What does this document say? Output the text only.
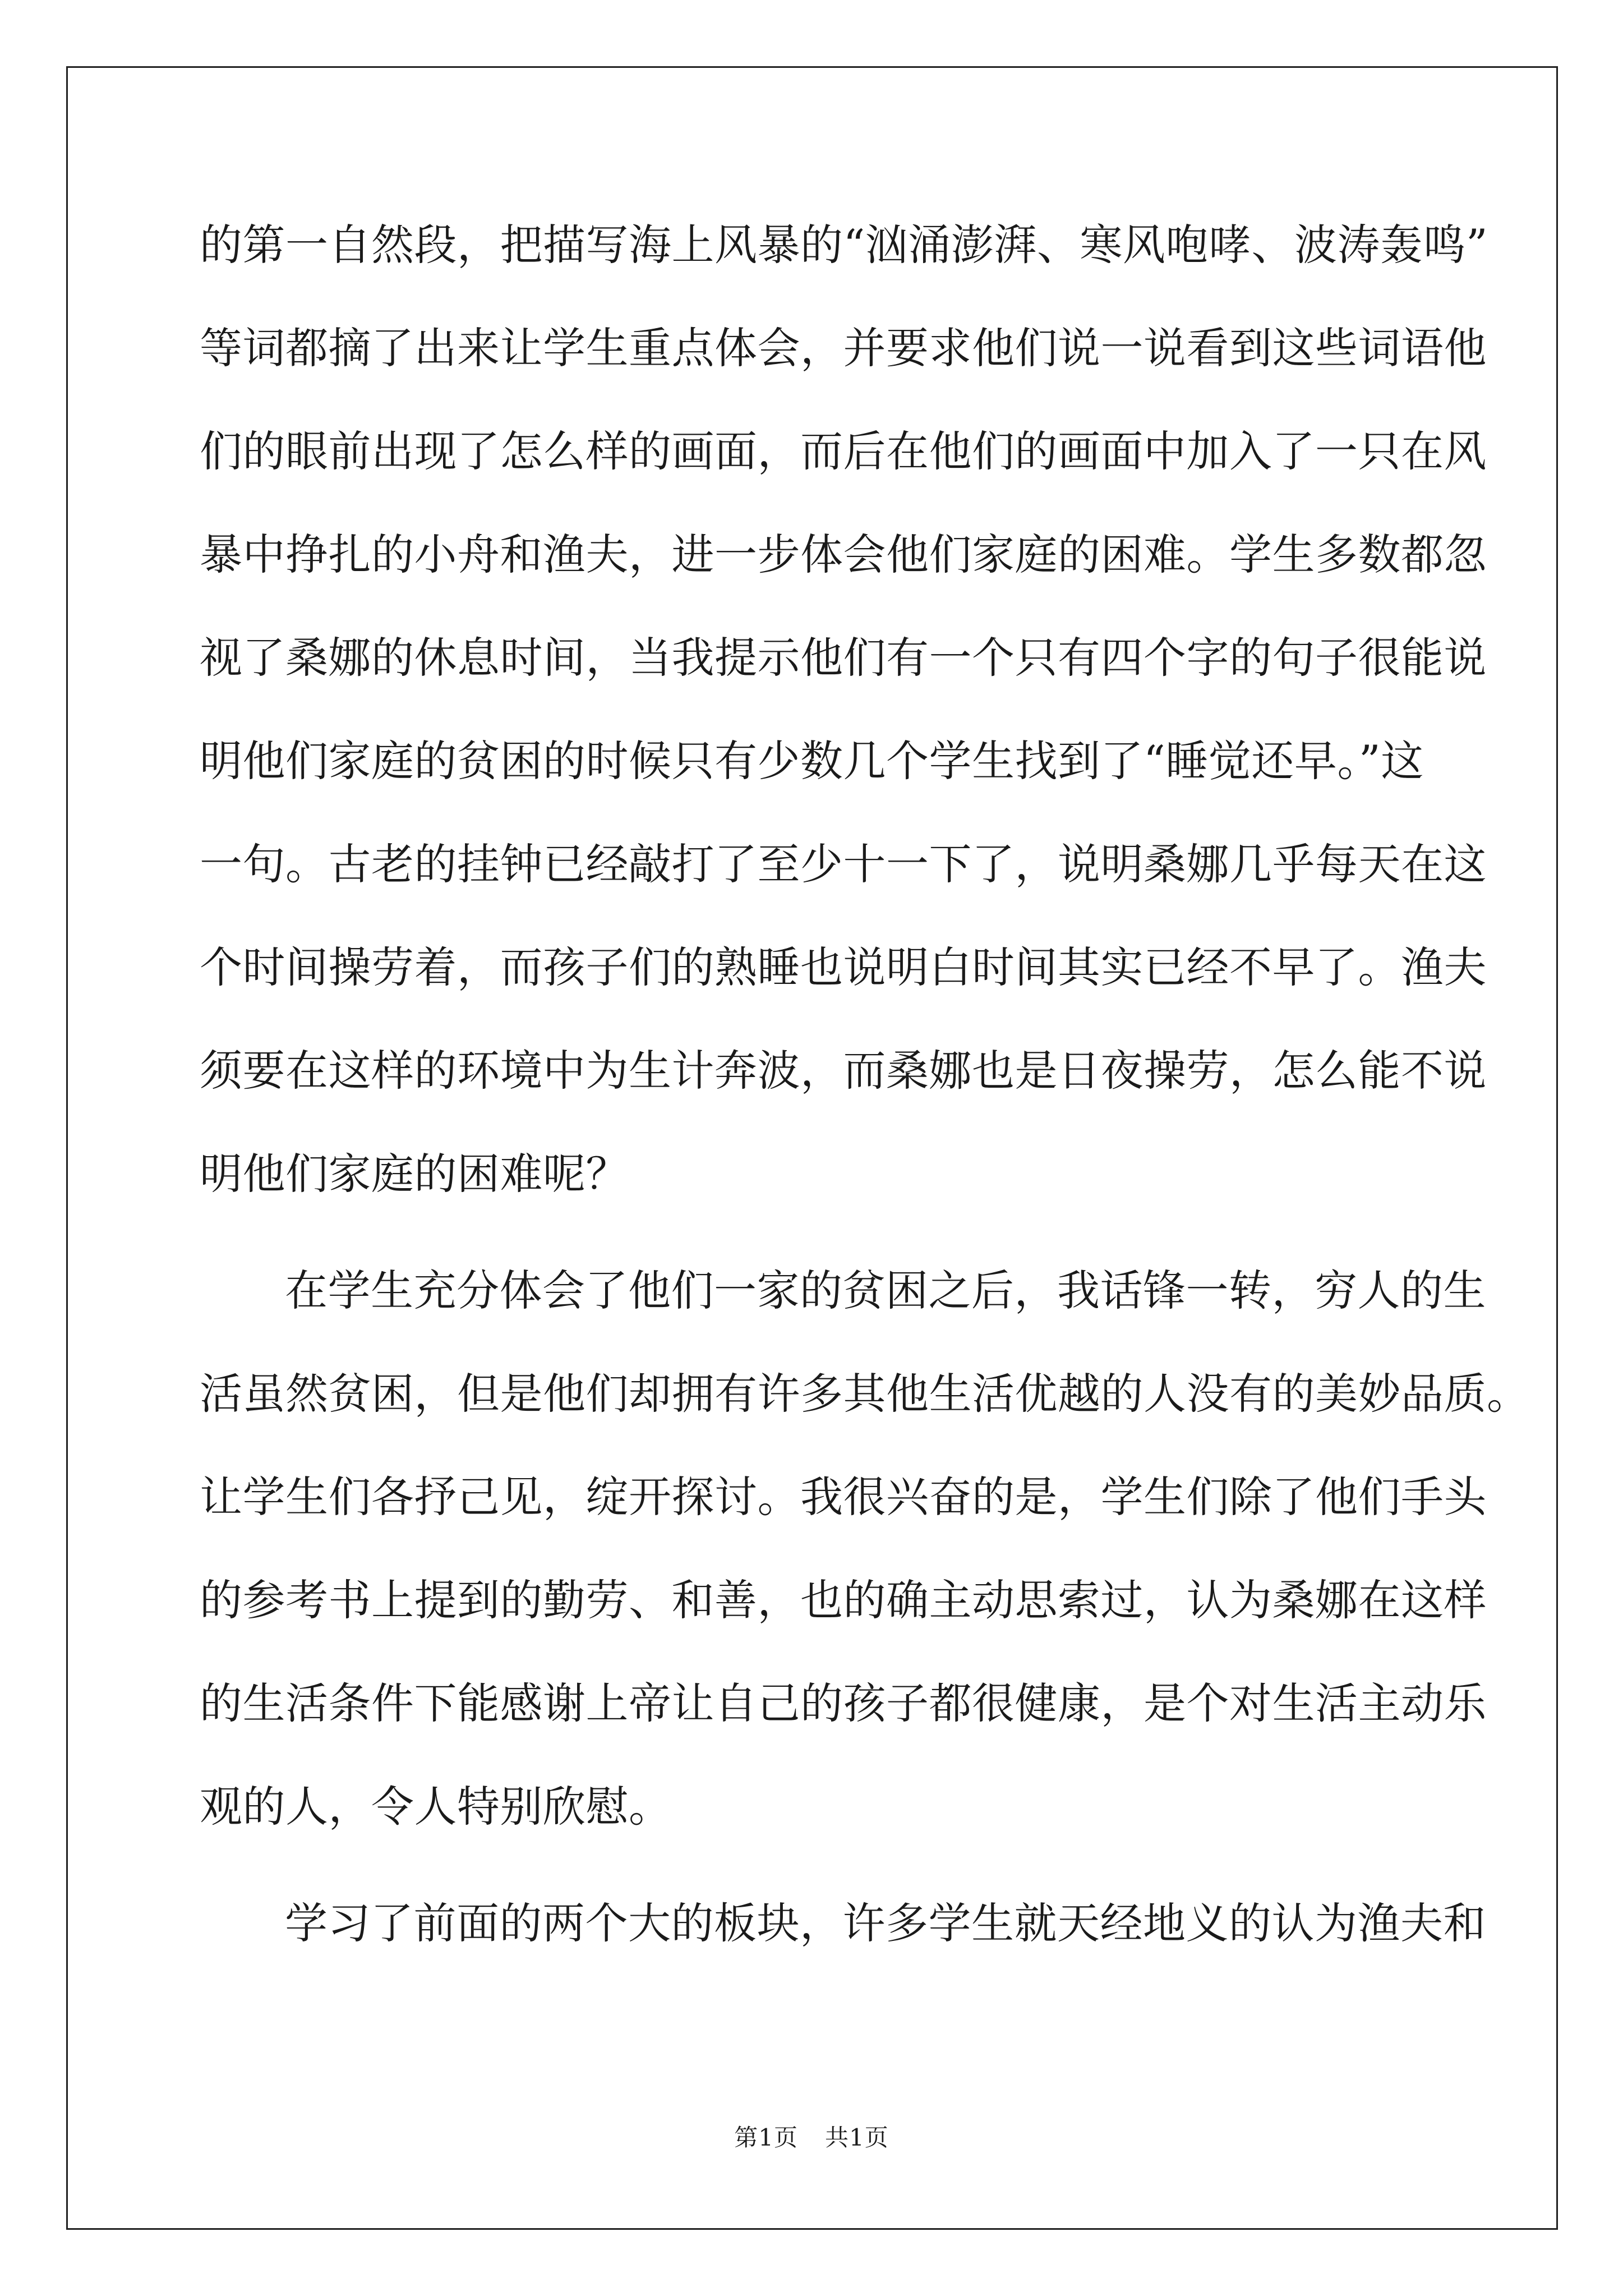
的第一自然段，把描写海上风暴的“汹涌澎湃、寒风咆哮、波涛轰鸣”
等词都摘了出来让学生重点体会，并要求他们说一说看到这些词语他
们的眼前出现了怎么样的画面，而后在他们的画面中加入了一只在风
暴中挣扎的小舟和渔夫，进一步体会他们家庭的困难。学生多数都忽
视了桑娜的休息时间，当我提示他们有一个只有四个字的句子很能说
明他们家庭的贫困的时候只有少数几个学生找到了“睡觉还早。”这
一句。古老的挂钟已经敲打了至少十一下了，说明桑娜几乎每天在这
个时间操劳着，而孩子们的熟睡也说明白时间其实已经不早了。渔夫
须要在这样的环境中为生计奔波，而桑娜也是日夜操劳，怎么能不说
明他们家庭的困难呢？
在学生充分体会了他们一家的贫困之后，我话锋一转，穷人的生
活虽然贫困，但是他们却拥有许多其他生活优越的人没有的美妙品质。
让学生们各抒己见，绽开探讨。我很兴奋的是，学生们除了他们手头
的参考书上提到的勤劳、和善，也的确主动思索过，认为桑娜在这样
的生活条件下能感谢上帝让自己的孩子都很健康，是个对生活主动乐
观的人，令人特别欣慰。
学习了前面的两个大的板块，许多学生就天经地义的认为渔夫和
第1页 共1页
